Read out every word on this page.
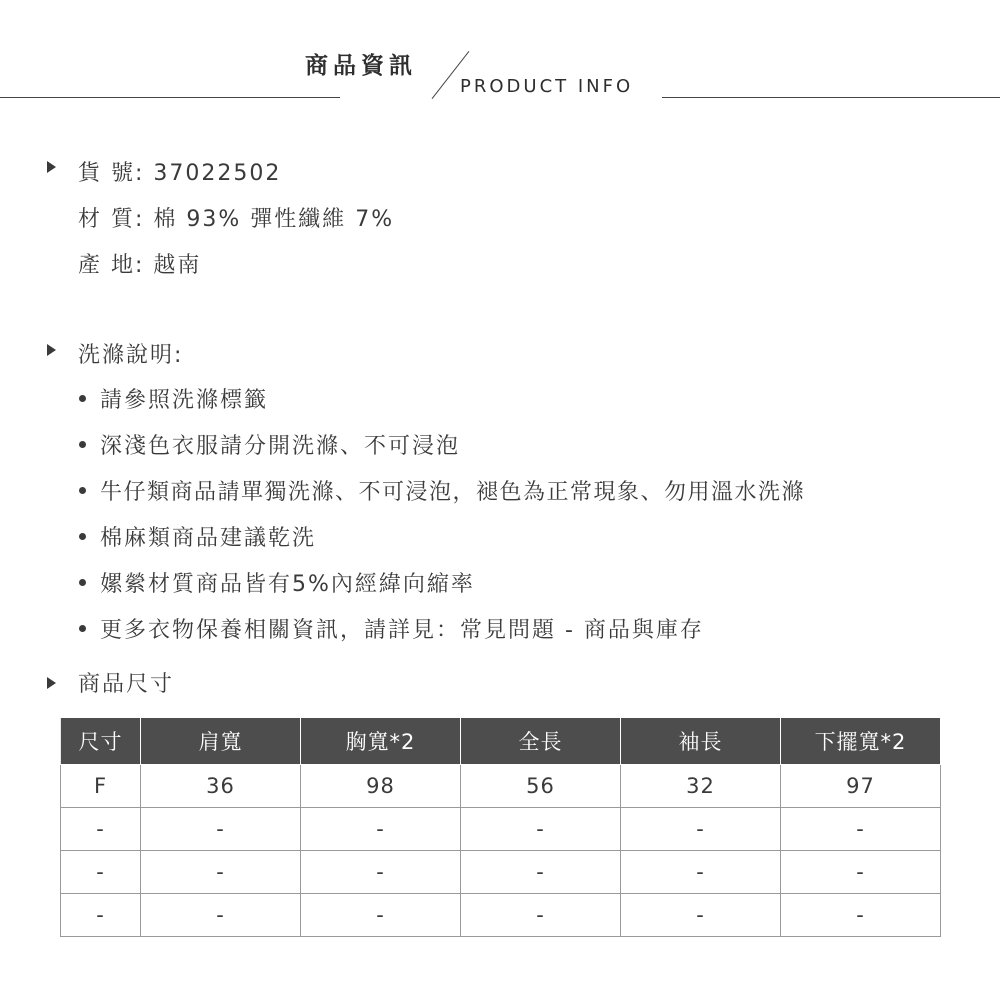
商品資訊
PRODUCT INFO
貨 號: 37022502
材 質: 棉 93% 彈性纖維 7%
產 地: 越南
洗滌說明:
請參照洗滌標籤
深淺色衣服請分開洗滌、不可浸泡
牛仔類商品請單獨洗滌、不可浸泡，褪色為正常現象、勿用溫水洗滌
棉麻類商品建議乾洗
嫘縈材質商品皆有5%內經緯向縮率
更多衣物保養相關資訊，請詳見：常見問題 - 商品與庫存
商品尺寸
尺寸	肩寬	胸寬*2	全長	袖長	下擺寬*2
F	36	98	56	32	97
-	-	-	-	-	-
-	-	-	-	-	-
-	-	-	-	-	-
